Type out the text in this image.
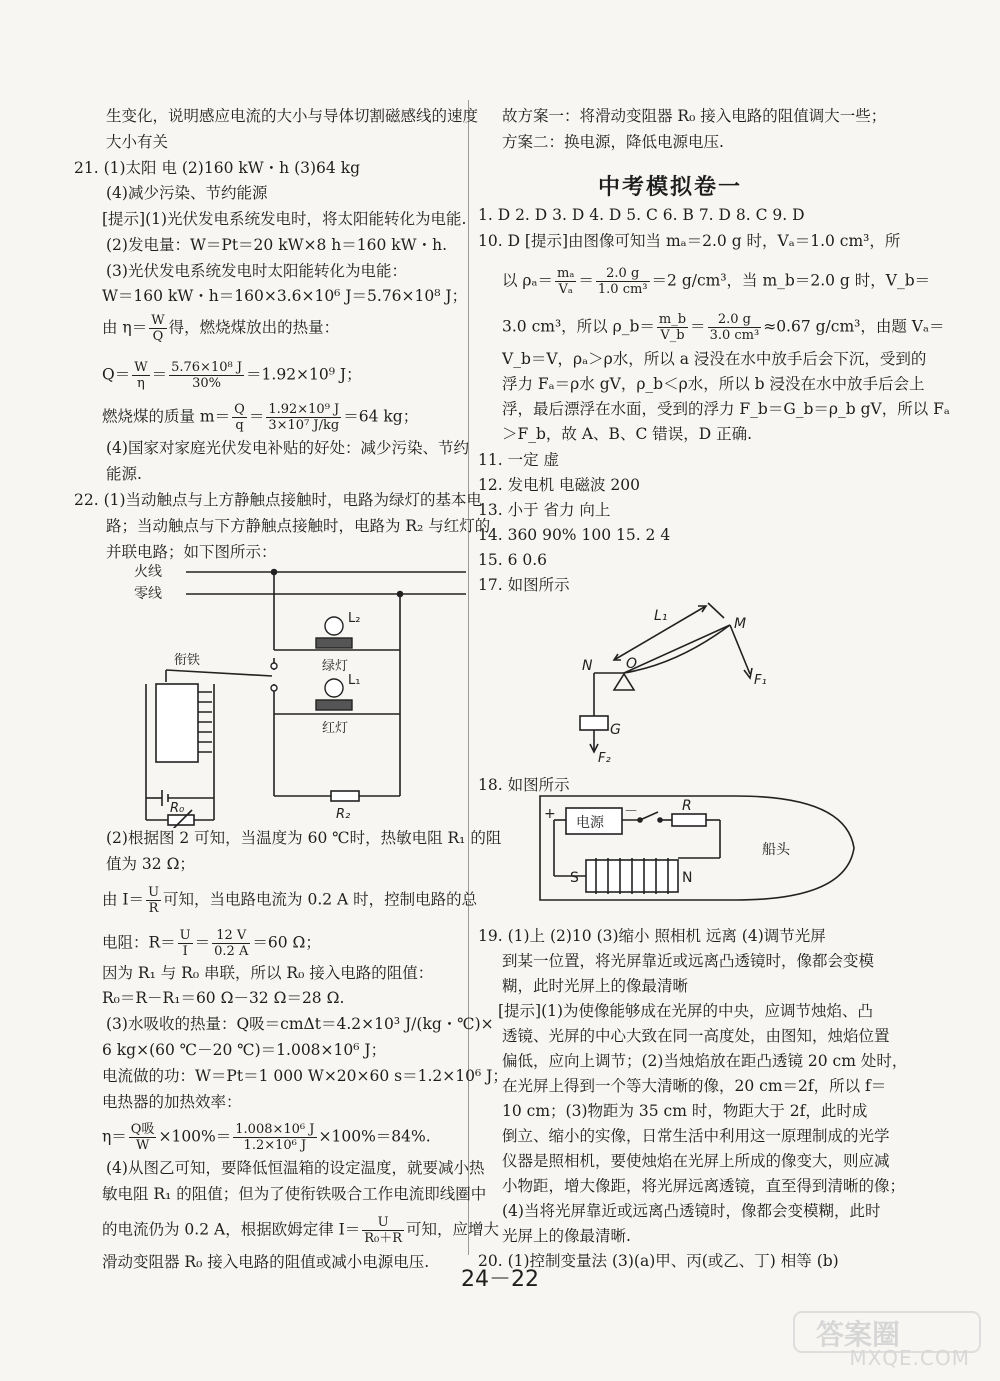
生变化，说明感应电流的大小与导体切割磁感线的速度
大小有关
21. (1)太阳 电 (2)160 kW・h (3)64 kg
(4)减少污染、节约能源
[提示](1)光伏发电系统发电时，将太阳能转化为电能.
(2)发电量：W＝Pt＝20 kW×8 h＝160 kW・h.
(3)光伏发电系统发电时太阳能转化为电能：
W＝160 kW・h＝160×3.6×10⁶ J＝5.76×10⁸ J；
由 $\eta= \frac{W}{Q}$ 得，燃烧煤放出的热量：
$Q= \frac{W}{\eta} = \frac{\text{5.76×10⁸ J}}{30\%} =1.92\times 10^9$ J；
燃烧煤的质量 $m= \frac{Q}{q} = \frac{\text{1.92×10⁹ J}}{\text{3×10⁷ J/kg}} =64$ kg；
(4)国家对家庭光伏发电补贴的好处：减少污染、节约
能源.
22. (1)当动触点与上方静触点接触时，电路为绿灯的基本电
路；当动触点与下方静触点接触时，电路为 R₂ 与红灯的
并联电路；如下图所示：
火线
零线
衔铁
L₂
绿灯
L₁
红灯
R₀	R₂
(2)根据图 2 可知，当温度为 60 ℃时，热敏电阻 R₁ 的阻
值为 32 Ω；
由 $I= \frac{U}{R}$ 可知，当电路电流为 0.2 A 时，控制电路的总
电阻：$R= \frac{U}{I} = \frac{12 V}{0.2 A} =60$ Ω；
因为 R₁ 与 R₀ 串联，所以 R₀ 接入电路的阻值：
R₀＝R－R₁＝60 Ω－32 Ω＝28 Ω.
(3)水吸收的热量：Q吸＝cmΔt＝4.2×10³ J/(kg・℃)×
6 kg×(60 ℃－20 ℃)＝1.008×10⁶ J；
电流做的功：W＝Pt＝1 000 W×20×60 s＝1.2×10⁶ J；
电热器的加热效率：
$\eta= \frac{\text{Q吸}}{W} \times 100\%= \frac{\text{1.008×10⁶ J}}{\text{1.2×10⁶ J}} \times 100\%=84\%$.
(4)从图乙可知，要降低恒温箱的设定温度，就要减小热
敏电阻 R₁ 的阻值；但为了使衔铁吸合工作电流即线圈中
的电流仍为 0.2 A，根据欧姆定律 $I= \frac{U}{\text{R₀＋R}}$ 可知，应增大
滑动变阻器 R₀ 接入电路的阻值或减小电源电压.
故方案一：将滑动变阻器 R₀ 接入电路的阻值调大一些；
方案二：换电源，降低电源电压.
中考模拟卷一
1. D 2. D 3. D 4. D 5. C 6. B 7. D 8. C 9. D
10. D [提示]由图像可知当 mₐ＝2.0 g 时，Vₐ＝1.0 cm³，所
以 $\rho_a= \frac{\text{mₐ}}{\text{Vₐ}} = \frac{2.0 g}{\text{1.0 cm³}} =2$ g/cm³，当 m_b＝2.0 g 时，V_b＝
3.0 cm³，所以 ρ_b＝ $\frac{m\_b}{V\_b} = \frac{2.0 g}{\text{3.0 cm³}} \approx 0.67$ g/cm³，由题 Vₐ＝
V_b＝V，ρₐ＞ρ水，所以 a 浸没在水中放手后会下沉，受到的
浮力 Fₐ＝ρ水 gV，ρ_b＜ρ水，所以 b 浸没在水中放手后会上
浮，最后漂浮在水面，受到的浮力 F_b＝G_b＝ρ_b gV，所以 Fₐ
＞F_b，故 A、B、C 错误，D 正确.
11. 一定 虚
12. 发电机 电磁波 200
13. 小于 省力 向上
14. 360 90% 100 15. 2 4
15. 6 0.6
17. 如图所示
L₁	M
N O
F₁
G
F₂
18. 如图所示
+	－
电源
R
船头
S	N
19. (1)上 (2)10 (3)缩小 照相机 远离 (4)调节光屏
到某一位置，将光屏靠近或远离凸透镜时，像都会变模
糊，此时光屏上的像最清晰
[提示](1)为使像能够成在光屏的中央，应调节烛焰、凸
透镜、光屏的中心大致在同一高度处，由图知，烛焰位置
偏低，应向上调节；(2)当烛焰放在距凸透镜 20 cm 处时，
在光屏上得到一个等大清晰的像，20 cm＝2f，所以 f＝
10 cm；(3)物距为 35 cm 时，物距大于 2f，此时成
倒立、缩小的实像，日常生活中利用这一原理制成的光学
仪器是照相机，要使烛焰在光屏上所成的像变大，则应减
小物距，增大像距，将光屏远离透镜，直至得到清晰的像；
(4)当将光屏靠近或远离凸透镜时，像都会变模糊，此时
光屏上的像最清晰.
20. (1)控制变量法 (3)(a)甲、丙(或乙、丁) 相等 (b)
24－22
答案圈
MXQE.COM
